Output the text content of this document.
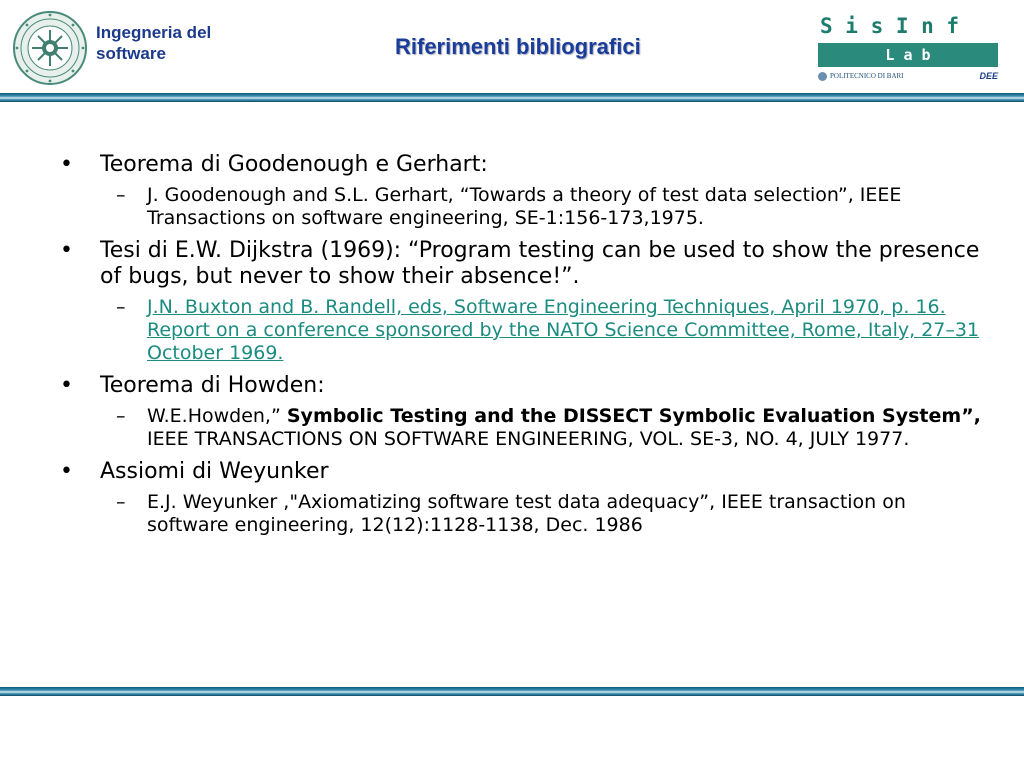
Ingegneria del
software	Riferimenti bibliografici
S i s I n f
L a b
POLITECNICO DI BARI	DEE
• Teorema di Goodenough e Gerhart:
– J. Goodenough and S.L. Gerhart, “Towards a theory of test data selection”, IEEE Transactions on software engineering, SE-1:156-173,1975.
• Tesi di E.W. Dijkstra (1969): “Program testing can be used to show the presence of bugs, but never to show their absence!”.
– J.N. Buxton and B. Randell, eds, Software Engineering Techniques, April 1970, p. 16. Report on a conference sponsored by the NATO Science Committee, Rome, Italy, 27–31 October 1969.
• Teorema di Howden:
– W.E.Howden,” Symbolic Testing and the DISSECT Symbolic Evaluation System”, IEEE TRANSACTIONS ON SOFTWARE ENGINEERING, VOL. SE-3, NO. 4, JULY 1977.
• Assiomi di Weyunker
– E.J. Weyunker ,"Axiomatizing software test data adequacy”, IEEE transaction on software engineering, 12(12):1128-1138, Dec. 1986
